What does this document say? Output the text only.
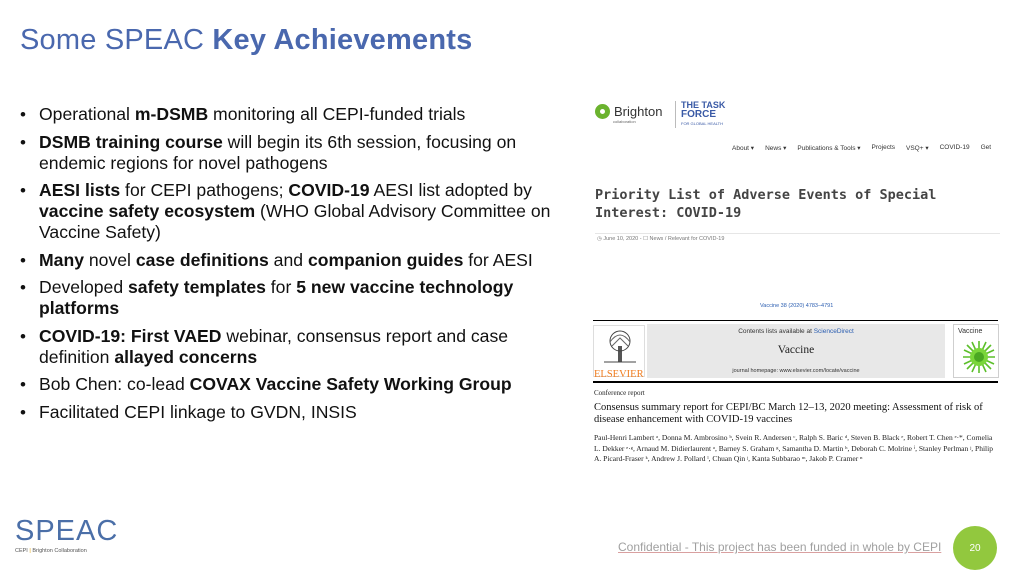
Some SPEAC Key Achievements
• Operational m-DSMB monitoring all CEPI-funded trials
• DSMB training course will begin its 6th session, focusing on endemic regions for novel pathogens
• AESI lists for CEPI pathogens; COVID-19 AESI list adopted by vaccine safety ecosystem (WHO Global Advisory Committee on Vaccine Safety)
• Many novel case definitions and companion guides for AESI
• Developed safety templates for 5 new vaccine technology platforms
• COVID-19: First VAED webinar, consensus report and case definition allayed concerns
• Bob Chen: co-lead COVAX Vaccine Safety Working Group
• Facilitated CEPI linkage to GVDN, INSIS
Brighton
collaboration
THE TASK
FORCE
FOR GLOBAL HEALTH
About ▾ News ▾ Publications & Tools ▾ Projects VSQ+ ▾ COVID-19 Get
Priority List of Adverse Events of Special Interest: COVID-19
◷ June 10, 2020 - ☐ News / Relevant for COVID-19
Vaccine 38 (2020) 4783–4791
ELSEVIER
Contents lists available at ScienceDirect
Vaccine
journal homepage: www.elsevier.com/locate/vaccine
Vaccine
Conference report
Consensus summary report for CEPI/BC March 12–13, 2020 meeting: Assessment of risk of disease enhancement with COVID-19 vaccines
Paul-Henri Lambert ᵃ, Donna M. Ambrosino ᵇ, Svein R. Andersen ᶜ, Ralph S. Baric ᵈ, Steven B. Black ᵉ, Robert T. Chen ᵉ·*, Cornelia L. Dekker ᵉ·ᵍ, Arnaud M. Didierlaurent ᵃ, Barney S. Graham ᵍ, Samantha D. Martin ʰ, Deborah C. Molrine ⁱ, Stanley Perlman ʲ, Philip A. Picard-Fraser ᵏ, Andrew J. Pollard ˡ, Chuan Qin ʲ, Kanta Subbarao ᵐ, Jakob P. Cramer ⁿ
SPEAC
CEPI | Brighton Collaboration	Confidential - This project has been funded in whole by CEPI	20
